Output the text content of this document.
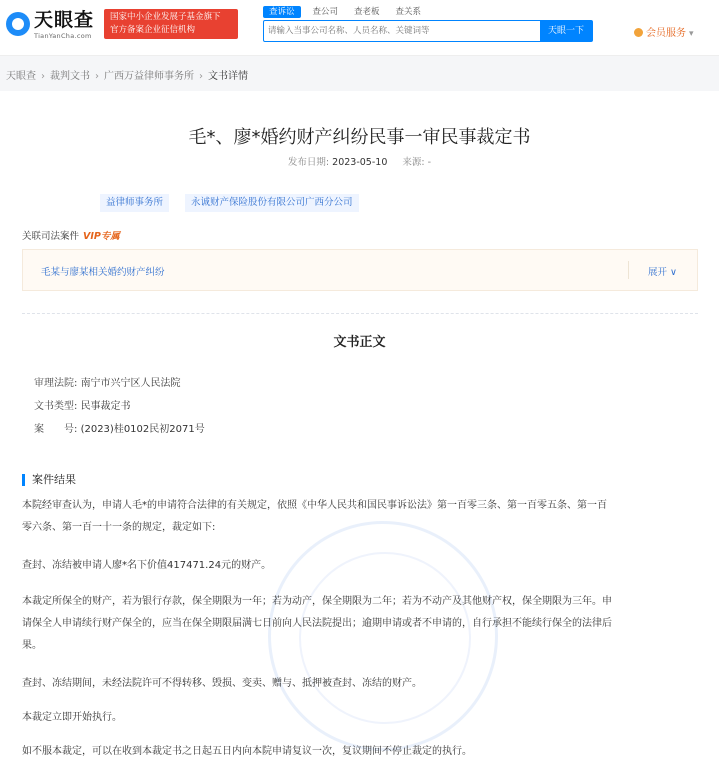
天眼查
TianYanCha.com
国家中小企业发展子基金旗下
官方备案企业征信机构
查诉讼	查公司 查老板 查关系
请输入当事公司名称、人员名称、关键词等
天眼一下	会员服务 ▾
天眼查 › 裁判文书 › 广西万益律师事务所 › 文书详情
毛*、廖*婚约财产纠纷民事一审民事裁定书
发布日期: 2023-05-10 来源: -
益律师事务所	永诚财产保险股份有限公司广西分公司
关联司法案件 VIP专属
毛某与廖某相关婚约财产纠纷	展开 ∨
文书正文
审理法院: 南宁市兴宁区人民法院
文书类型: 民事裁定书
案　　号: (2023)桂0102民初2071号
案件结果
本院经审查认为，申请人毛*的申请符合法律的有关规定，依照《中华人民共和国民事诉讼法》第一百零三条、第一百零五条、第一百
零六条、第一百一十一条的规定，裁定如下:
查封、冻结被申请人廖*名下价值417471.24元的财产。
本裁定所保全的财产，若为银行存款，保全期限为一年；若为动产，保全期限为二年；若为不动产及其他财产权，保全期限为三年。申
请保全人申请续行财产保全的，应当在保全期限届满七日前向人民法院提出；逾期申请或者不申请的，自行承担不能续行保全的法律后
果。
查封、冻结期间，未经法院许可不得转移、毁损、变卖、赠与、抵押被查封、冻结的财产。
本裁定立即开始执行。
如不服本裁定，可以在收到本裁定书之日起五日内向本院申请复议一次，复议期间不停止裁定的执行。
